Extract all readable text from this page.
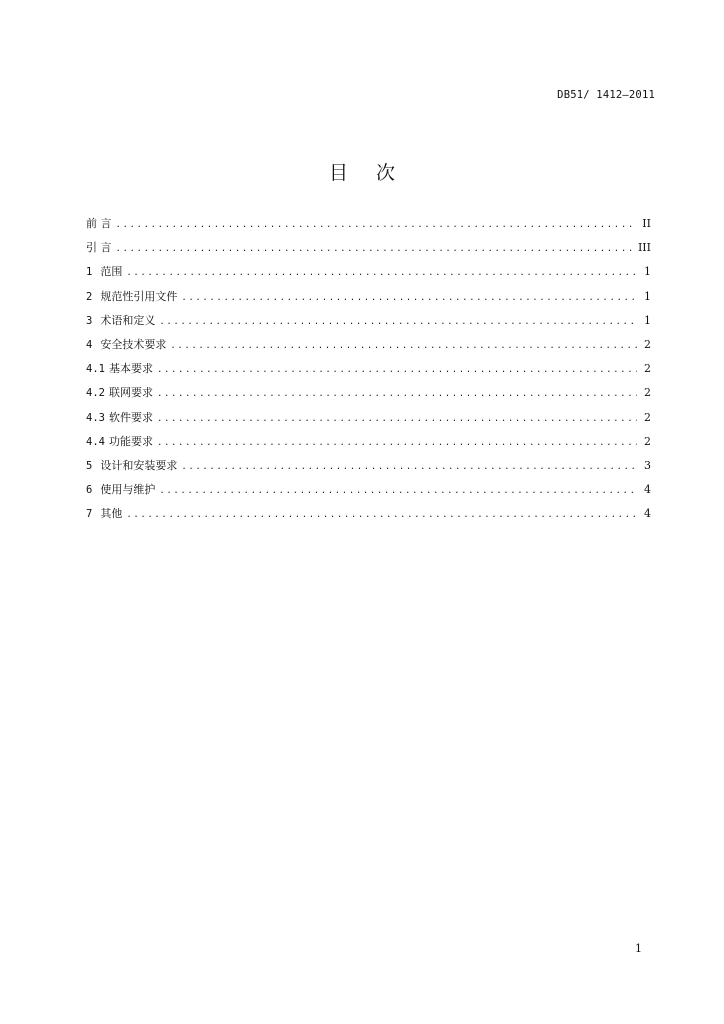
DB51/ 1412—2011
目次
前 言 .....	II
引 言 .....	III
1 范围 .....	1
2 规范性引用文件 .....	1
3 术语和定义 .....	1
4 安全技术要求 .....	2
4.1 基本要求 .....	2
4.2 联网要求 .....	2
4.3 软件要求 .....	2
4.4 功能要求 .....	2
5 设计和安装要求 .....	3
6 使用与维护 .....	4
7 其他 .....	4
1
